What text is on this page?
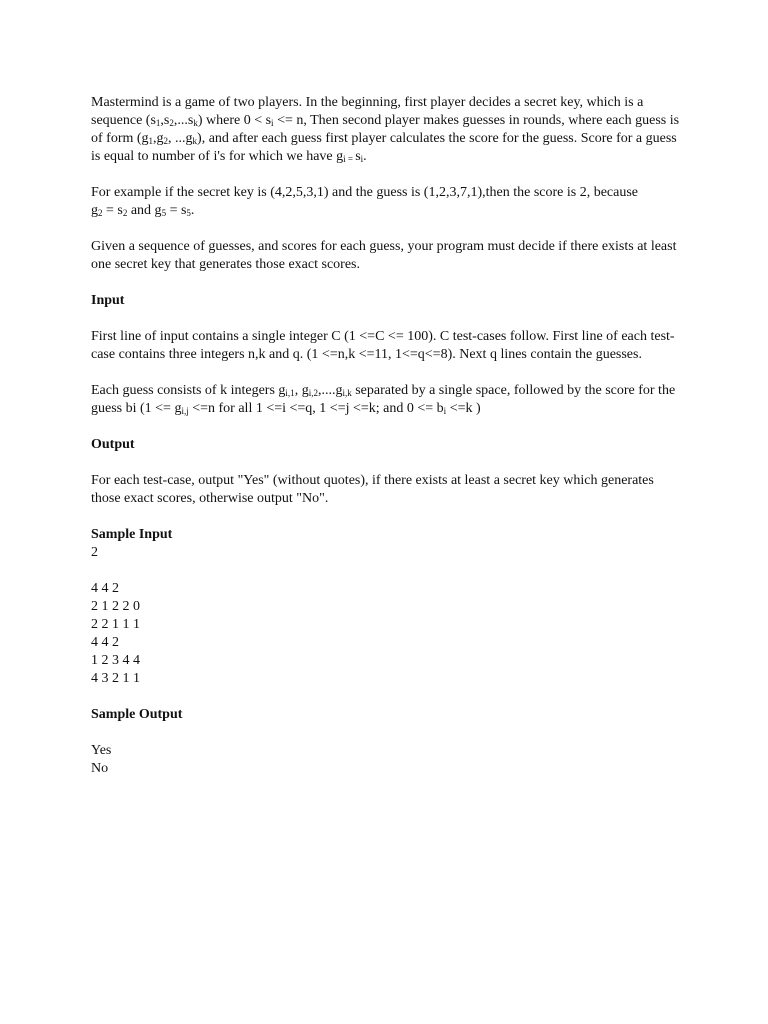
Mastermind is a game of two players. In the beginning, first player decides a secret key, which is a sequence $(s_1,s_2,...s_k)$ where $0 < s_i <= n$, Then second player makes guesses in rounds, where each guess is of form ($g_1,g_2$, $...g_k$), and after each guess first player calculates the score for the guess. Score for a guess is equal to number of i's for which we have $g_{i =}$ $s_i$.

For example if the secret key is (4,2,5,3,1) and the guess is (1,2,3,7,1),then the score is 2, because
$g_2 = s_2$ and $g_5 = s_5$.

Given a sequence of guesses, and scores for each guess, your program must decide if there exists at least one secret key that generates those exact scores.

Input

First line of input contains a single integer C (1 <=C <= 100). C test-cases follow. First line of each test-case contains three integers n,k and q. (1 <=n,k <=11, 1<=q<=8). Next q lines contain the guesses.

Each guess consists of k integers $g_{i,1}$, $g_{i,2},....g_{i,k}$ separated by a single space, followed by the score for the guess bi ($1 <= g_{i,j} <=n$ for all 1 <=i <=q, 1 <=j <=k; and $0 <= b_i <=k$ )

Output

For each test-case, output "Yes" (without quotes), if there exists at least a secret key which generates those exact scores, otherwise output "No".

Sample Input
2
4 4 2
2 1 2 2 0
2 2 1 1 1
4 4 2
1 2 3 4 4
4 3 2 1 1
Sample Output
Yes
No
